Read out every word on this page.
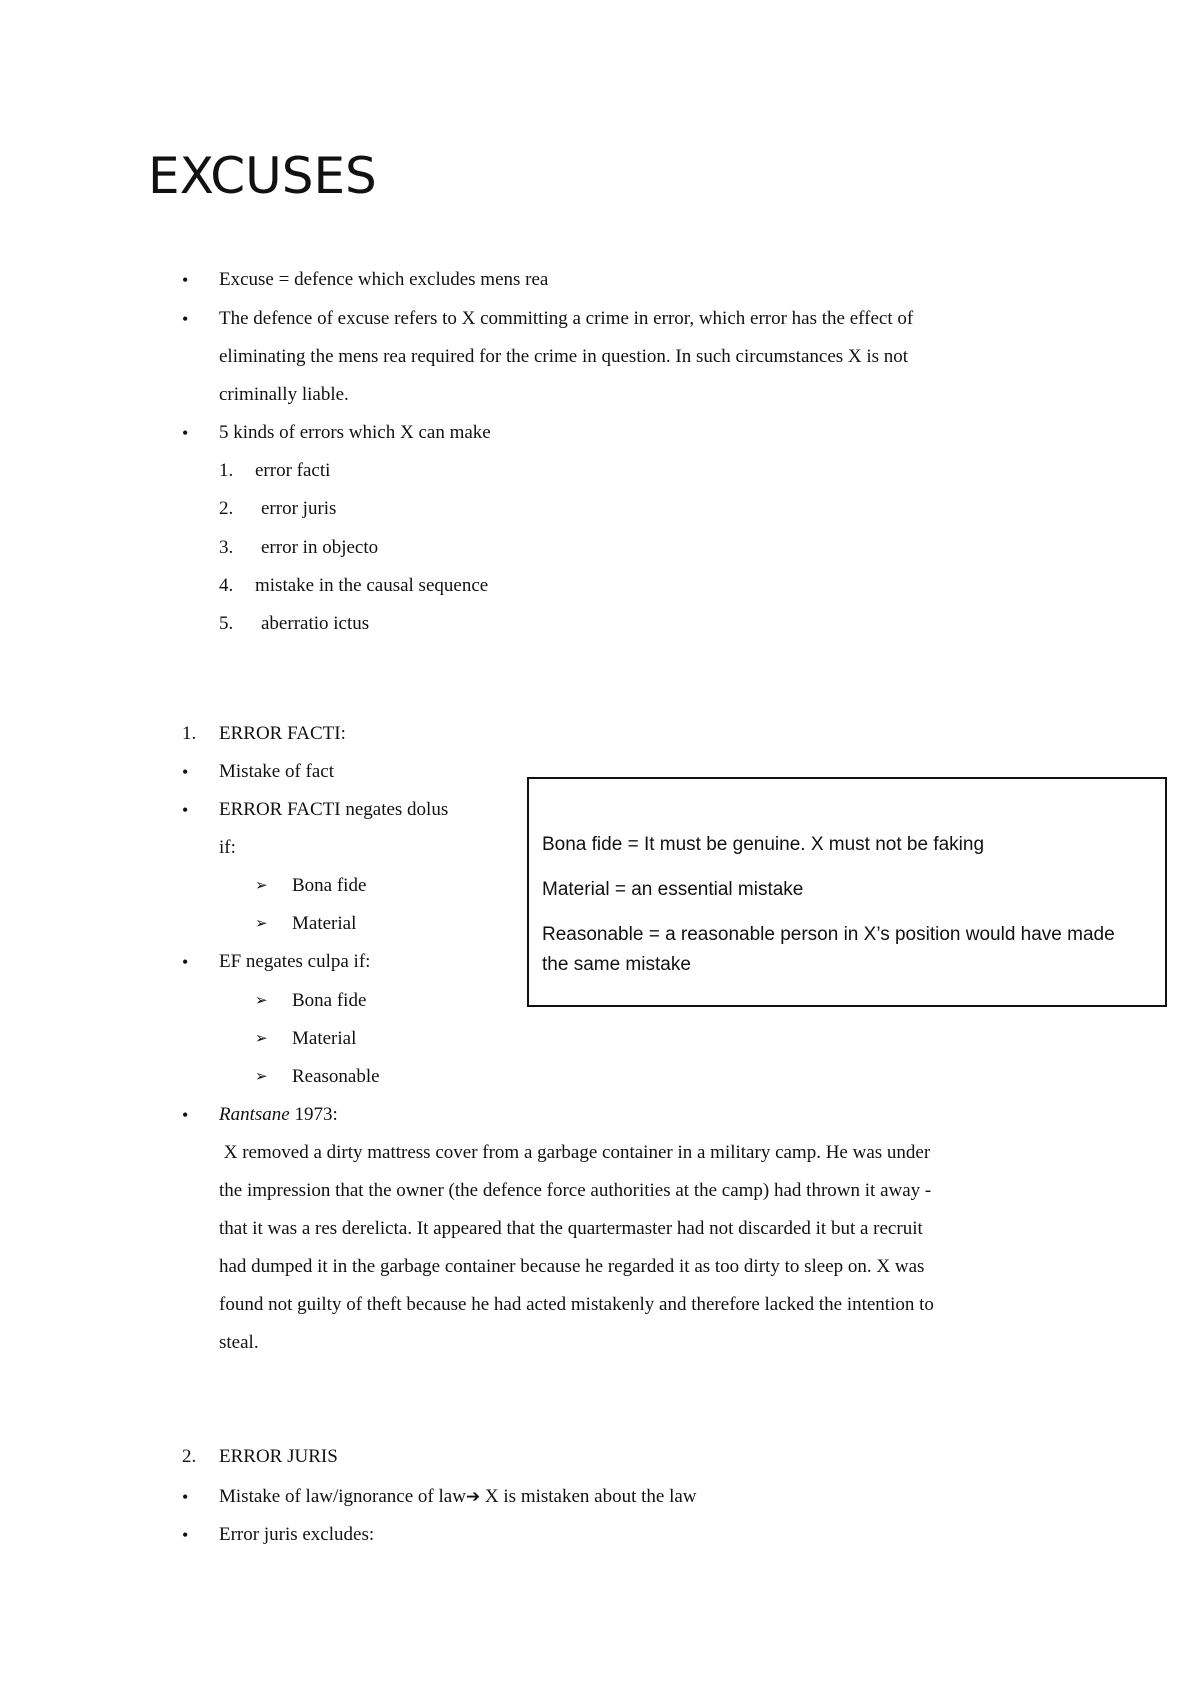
EXCUSES
• Excuse = defence which excludes mens rea
• The defence of excuse refers to X committing a crime in error, which error has the effect of
eliminating the mens rea required for the crime in question. In such circumstances X is not
criminally liable.
• 5 kinds of errors which X can make
1. error facti
2. error juris
3. error in objecto
4. mistake in the causal sequence
5. aberratio ictus
1. ERROR FACTI:
• Mistake of fact
• ERROR FACTI negates dolus
if:
➢ Bona fide
➢ Material
• EF negates culpa if:
➢ Bona fide
➢ Material
➢ Reasonable
• Rantsane 1973:
X removed a dirty mattress cover from a garbage container in a military camp. He was under
the impression that the owner (the defence force authorities at the camp) had thrown it away -
that it was a res derelicta. It appeared that the quartermaster had not discarded it but a recruit
had dumped it in the garbage container because he regarded it as too dirty to sleep on. X was
found not guilty of theft because he had acted mistakenly and therefore lacked the intention to
steal.
Bona fide = It must be genuine. X must not be faking
Material = an essential mistake
Reasonable = a reasonable person in X’s position would have made
the same mistake
2. ERROR JURIS
• Mistake of law/ignorance of law➔ X is mistaken about the law
• Error juris excludes:
